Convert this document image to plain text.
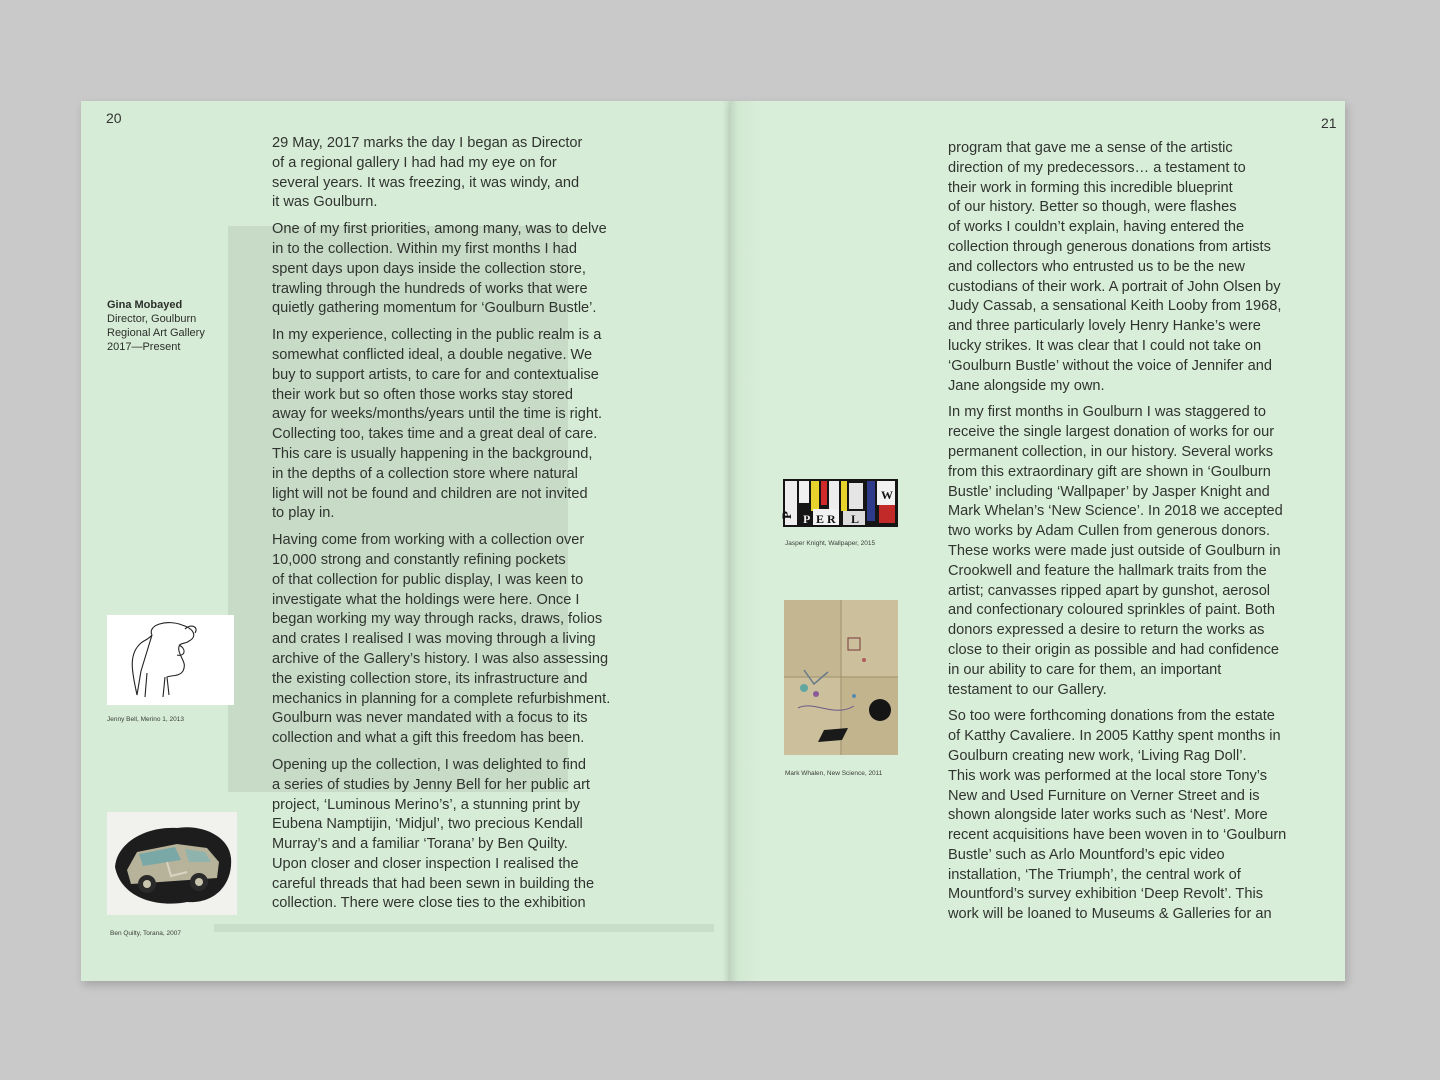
20	21
Gina Mobayed
Director, Goulburn
Regional Art Gallery
2017—Present

29 May, 2017 marks the day I began as Director
of a regional gallery I had had my eye on for
several years. It was freezing, it was windy, and
it was Goulburn.

One of my first priorities, among many, was to delve
in to the collection. Within my first months I had
spent days upon days inside the collection store,
trawling through the hundreds of works that were
quietly gathering momentum for ‘Goulburn Bustle’.

In my experience, collecting in the public realm is a
somewhat conflicted ideal, a double negative. We
buy to support artists, to care for and contextualise
their work but so often those works stay stored
away for weeks/months/years until the time is right.
Collecting too, takes time and a great deal of care.
This care is usually happening in the background,
in the depths of a collection store where natural
light will not be found and children are not invited
to play in.

Having come from working with a collection over
10,000 strong and constantly refining pockets
of that collection for public display, I was keen to
investigate what the holdings were here. Once I
began working my way through racks, draws, folios
and crates I realised I was moving through a living
archive of the Gallery’s history. I was also assessing
the existing collection store, its infrastructure and
mechanics in planning for a complete refurbishment.
Goulburn was never mandated with a focus to its
collection and what a gift this freedom has been.

Opening up the collection, I was delighted to find
a series of studies by Jenny Bell for her public art
project, ‘Luminous Merino’s’, a stunning print by
Eubena Namptijin, ‘Midjul’, two precious Kendall
Murray’s and a familiar ‘Torana’ by Ben Quilty.
Upon closer and closer inspection I realised the
careful threads that had been sewn in building the
collection. There were close ties to the exhibition

program that gave me a sense of the artistic
direction of my predecessors… a testament to
their work in forming this incredible blueprint
of our history. Better so though, were flashes
of works I couldn’t explain, having entered the
collection through generous donations from artists
and collectors who entrusted us to be the new
custodians of their work. A portrait of John Olsen by
Judy Cassab, a sensational Keith Looby from 1968,
and three particularly lovely Henry Hanke’s were
lucky strikes. It was clear that I could not take on
‘Goulburn Bustle’ without the voice of Jennifer and
Jane alongside my own.

In my first months in Goulburn I was staggered to
receive the single largest donation of works for our
permanent collection, in our history. Several works
from this extraordinary gift are shown in ‘Goulburn
Bustle’ including ‘Wallpaper’ by Jasper Knight and
Mark Whelan’s ‘New Science’. In 2018 we accepted
two works by Adam Cullen from generous donors.
These works were made just outside of Goulburn in
Crookwell and feature the hallmark traits from the
artist; canvasses ripped apart by gunshot, aerosol
and confectionary coloured sprinkles of paint. Both
donors expressed a desire to return the works as
close to their origin as possible and had confidence
in our ability to care for them, an important
testament to our Gallery.

So too were forthcoming donations from the estate
of Katthy Cavaliere. In 2005 Katthy spent months in
Goulburn creating new work, ‘Living Rag Doll’.
This work was performed at the local store Tony’s
New and Used Furniture on Verner Street and is
shown alongside later works such as ‘Nest’. More
recent acquisitions have been woven in to ‘Goulburn
Bustle’ such as Arlo Mountford’s epic video
installation, ‘The Triumph’, the central work of
Mountford’s survey exhibition ‘Deep Revolt’. This
work will be loaned to Museums & Galleries for an

Jenny Bell, Merino 1, 2013
Ben Quilty, Torana, 2007
P P E R L
W
Jasper Knight, Wallpaper, 2015
Mark Whalen, New Science, 2011
